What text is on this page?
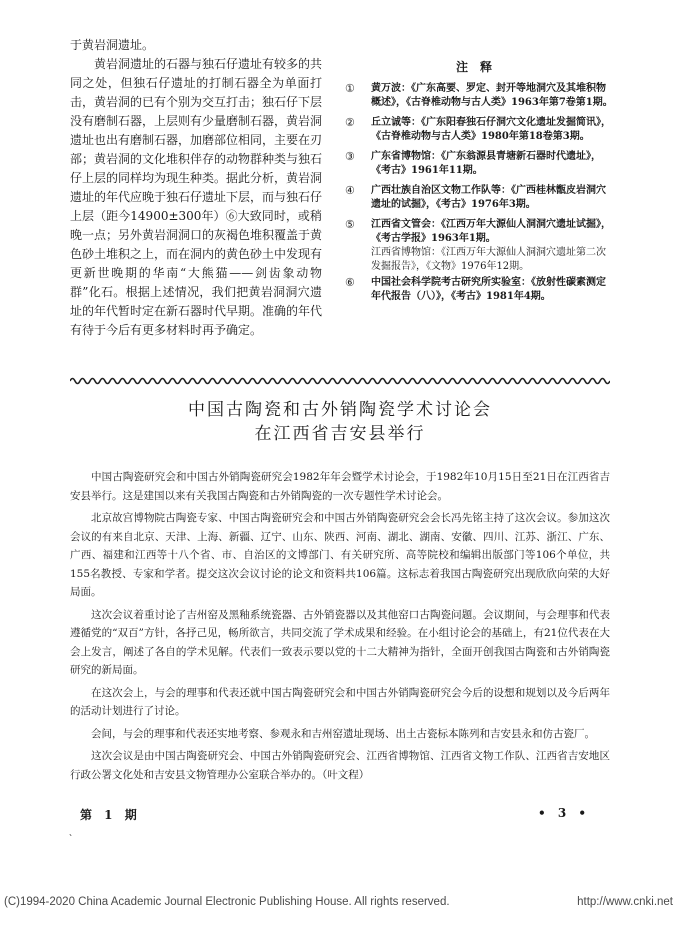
于黄岩洞遗址。

黄岩洞遗址的石器与独石仔遗址有较多的共同之处，但独石仔遗址的打制石器全为单面打击，黄岩洞的已有个别为交互打击；独石仔下层没有磨制石器，上层则有少量磨制石器，黄岩洞遗址也出有磨制石器，加磨部位相同，主要在刃部；黄岩洞的文化堆积伴存的动物群种类与独石仔上层的同样均为现生种类。据此分析，黄岩洞遗址的年代应晚于独石仔遗址下层，而与独石仔上层（距今14900±300年）⑥大致同时，或稍晚一点；另外黄岩洞洞口的灰褐色堆积覆盖于黄色砂土堆积之上，而在洞内的黄色砂土中发现有更新世晚期的华南“大熊猫——剑齿象动物群”化石。根据上述情况，我们把黄岩洞洞穴遗址的年代暂时定在新石器时代早期。准确的年代有待于今后有更多材料时再予确定。

注释
①	黄万波：《广东高要、罗定、封开等地洞穴及其堆积物概述》，《古脊椎动物与古人类》1963年第7卷第1期。
②	丘立诚等：《广东阳春独石仔洞穴文化遗址发掘简讯》，《古脊椎动物与古人类》1980年第18卷第3期。
③	广东省博物馆：《广东翁源县青塘新石器时代遗址》，《考古》1961年11期。
④	广西壮族自治区文物工作队等：《广西桂林甑皮岩洞穴遗址的试掘》，《考古》1976年3期。
⑤	江西省文管会：《江西万年大源仙人洞洞穴遗址试掘》，《考古学报》1963年1期。
江西省博物馆：《江西万年大源仙人洞洞穴遗址第二次发掘报告》，《文物》1976年12期。
⑥	中国社会科学院考古研究所实验室：《放射性碳素测定年代报告（八）》，《考古》1981年4期。
中国古陶瓷和古外销陶瓷学术讨论会
在江西省吉安县举行

中国古陶瓷研究会和中国古外销陶瓷研究会1982年年会暨学术讨论会，于1982年10月15日至21日在江西省吉安县举行。这是建国以来有关我国古陶瓷和古外销陶瓷的一次专题性学术讨论会。

北京故宫博物院古陶瓷专家、中国古陶瓷研究会和中国古外销陶瓷研究会会长冯先铭主持了这次会议。参加这次会议的有来自北京、天津、上海、新疆、辽宁、山东、陕西、河南、湖北、湖南、安徽、四川、江苏、浙江、广东、广西、福建和江西等十八个省、市、自治区的文博部门、有关研究所、高等院校和编辑出版部门等106个单位，共155名教授、专家和学者。提交这次会议讨论的论文和资料共106篇。这标志着我国古陶瓷研究出现欣欣向荣的大好局面。

这次会议着重讨论了吉州窑及黑釉系统瓷器、古外销瓷器以及其他窑口古陶瓷问题。会议期间，与会理事和代表遵循党的“双百”方针，各抒己见，畅所欲言，共同交流了学术成果和经验。在小组讨论会的基础上，有21位代表在大会上发言，阐述了各自的学术见解。代表们一致表示要以党的十二大精神为指针，全面开创我国古陶瓷和古外销陶瓷研究的新局面。

在这次会上，与会的理事和代表还就中国古陶瓷研究会和中国古外销陶瓷研究会今后的设想和规划以及今后两年的活动计划进行了讨论。

会间，与会的理事和代表还实地考察、参观永和吉州窑遗址现场、出土古瓷标本陈列和吉安县永和仿古瓷厂。

这次会议是由中国古陶瓷研究会、中国古外销陶瓷研究会、江西省博物馆、江西省文物工作队、江西省吉安地区行政公署文化处和吉安县文物管理办公室联合举办的。（叶文程）

第 1 期	• 3 •
、
(C)1994-2020 China Academic Journal Electronic Publishing House. All rights reserved.	http://www.cnki.net
